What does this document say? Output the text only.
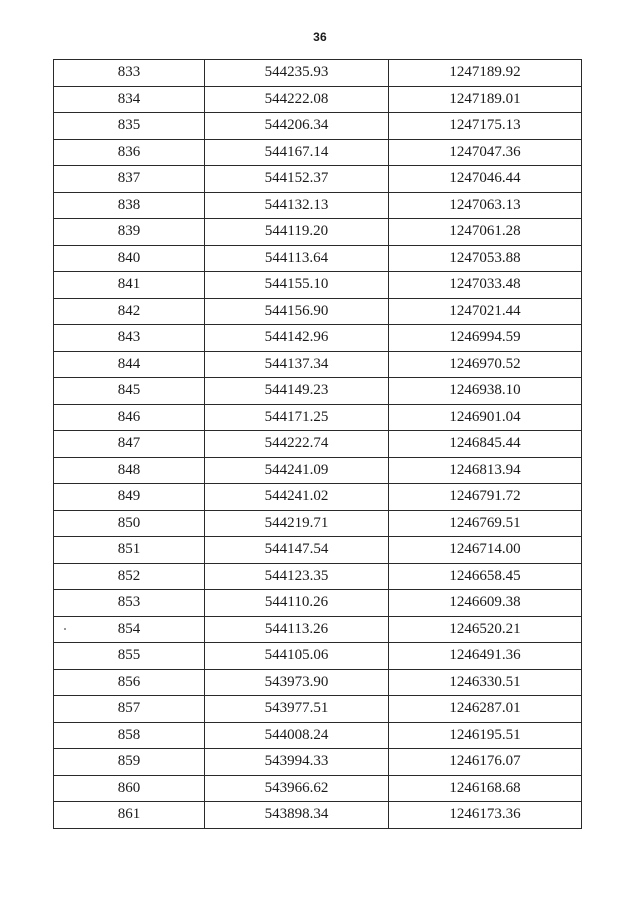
36
833	544235.93	1247189.92
834	544222.08	1247189.01
835	544206.34	1247175.13
836	544167.14	1247047.36
837	544152.37	1247046.44
838	544132.13	1247063.13
839	544119.20	1247061.28
840	544113.64	1247053.88
841	544155.10	1247033.48
842	544156.90	1247021.44
843	544142.96	1246994.59
844	544137.34	1246970.52
845	544149.23	1246938.10
846	544171.25	1246901.04
847	544222.74	1246845.44
848	544241.09	1246813.94
849	544241.02	1246791.72
850	544219.71	1246769.51
851	544147.54	1246714.00
852	544123.35	1246658.45
853	544110.26	1246609.38
854	544113.26	1246520.21
855	544105.06	1246491.36
856	543973.90	1246330.51
857	543977.51	1246287.01
858	544008.24	1246195.51
859	543994.33	1246176.07
860	543966.62	1246168.68
861	543898.34	1246173.36
